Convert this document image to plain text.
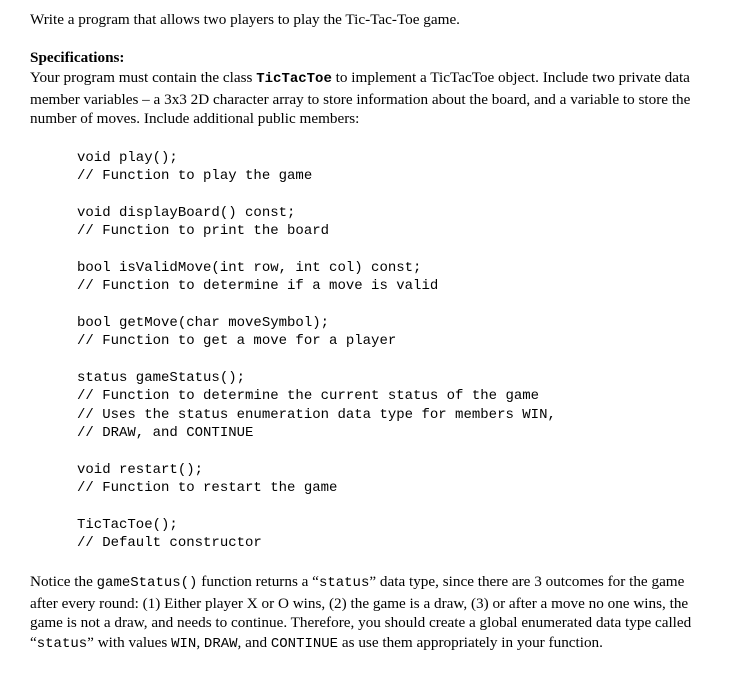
Write a program that allows two players to play the Tic-Tac-Toe game.

Specifications:

Your program must contain the class TicTacToe to implement a TicTacToe object. Include two private data member variables – a 3x3 2D character array to store information about the board, and a variable to store the number of moves. Include additional public members:

void play();
// Function to play the game
void displayBoard() const;
// Function to print the board
bool isValidMove(int row, int col) const;
// Function to determine if a move is valid
bool getMove(char moveSymbol);
// Function to get a move for a player
status gameStatus();
// Function to determine the current status of the game
// Uses the status enumeration data type for members WIN,
// DRAW, and CONTINUE
void restart();
// Function to restart the game
TicTacToe();
// Default constructor

Notice the gameStatus() function returns a “status” data type, since there are 3 outcomes for the game after every round: (1) Either player X or O wins, (2) the game is a draw, (3) or after a move no one wins, the game is not a draw, and needs to continue. Therefore, you should create a global enumerated data type called “status” with values WIN, DRAW, and CONTINUE as use them appropriately in your function.
